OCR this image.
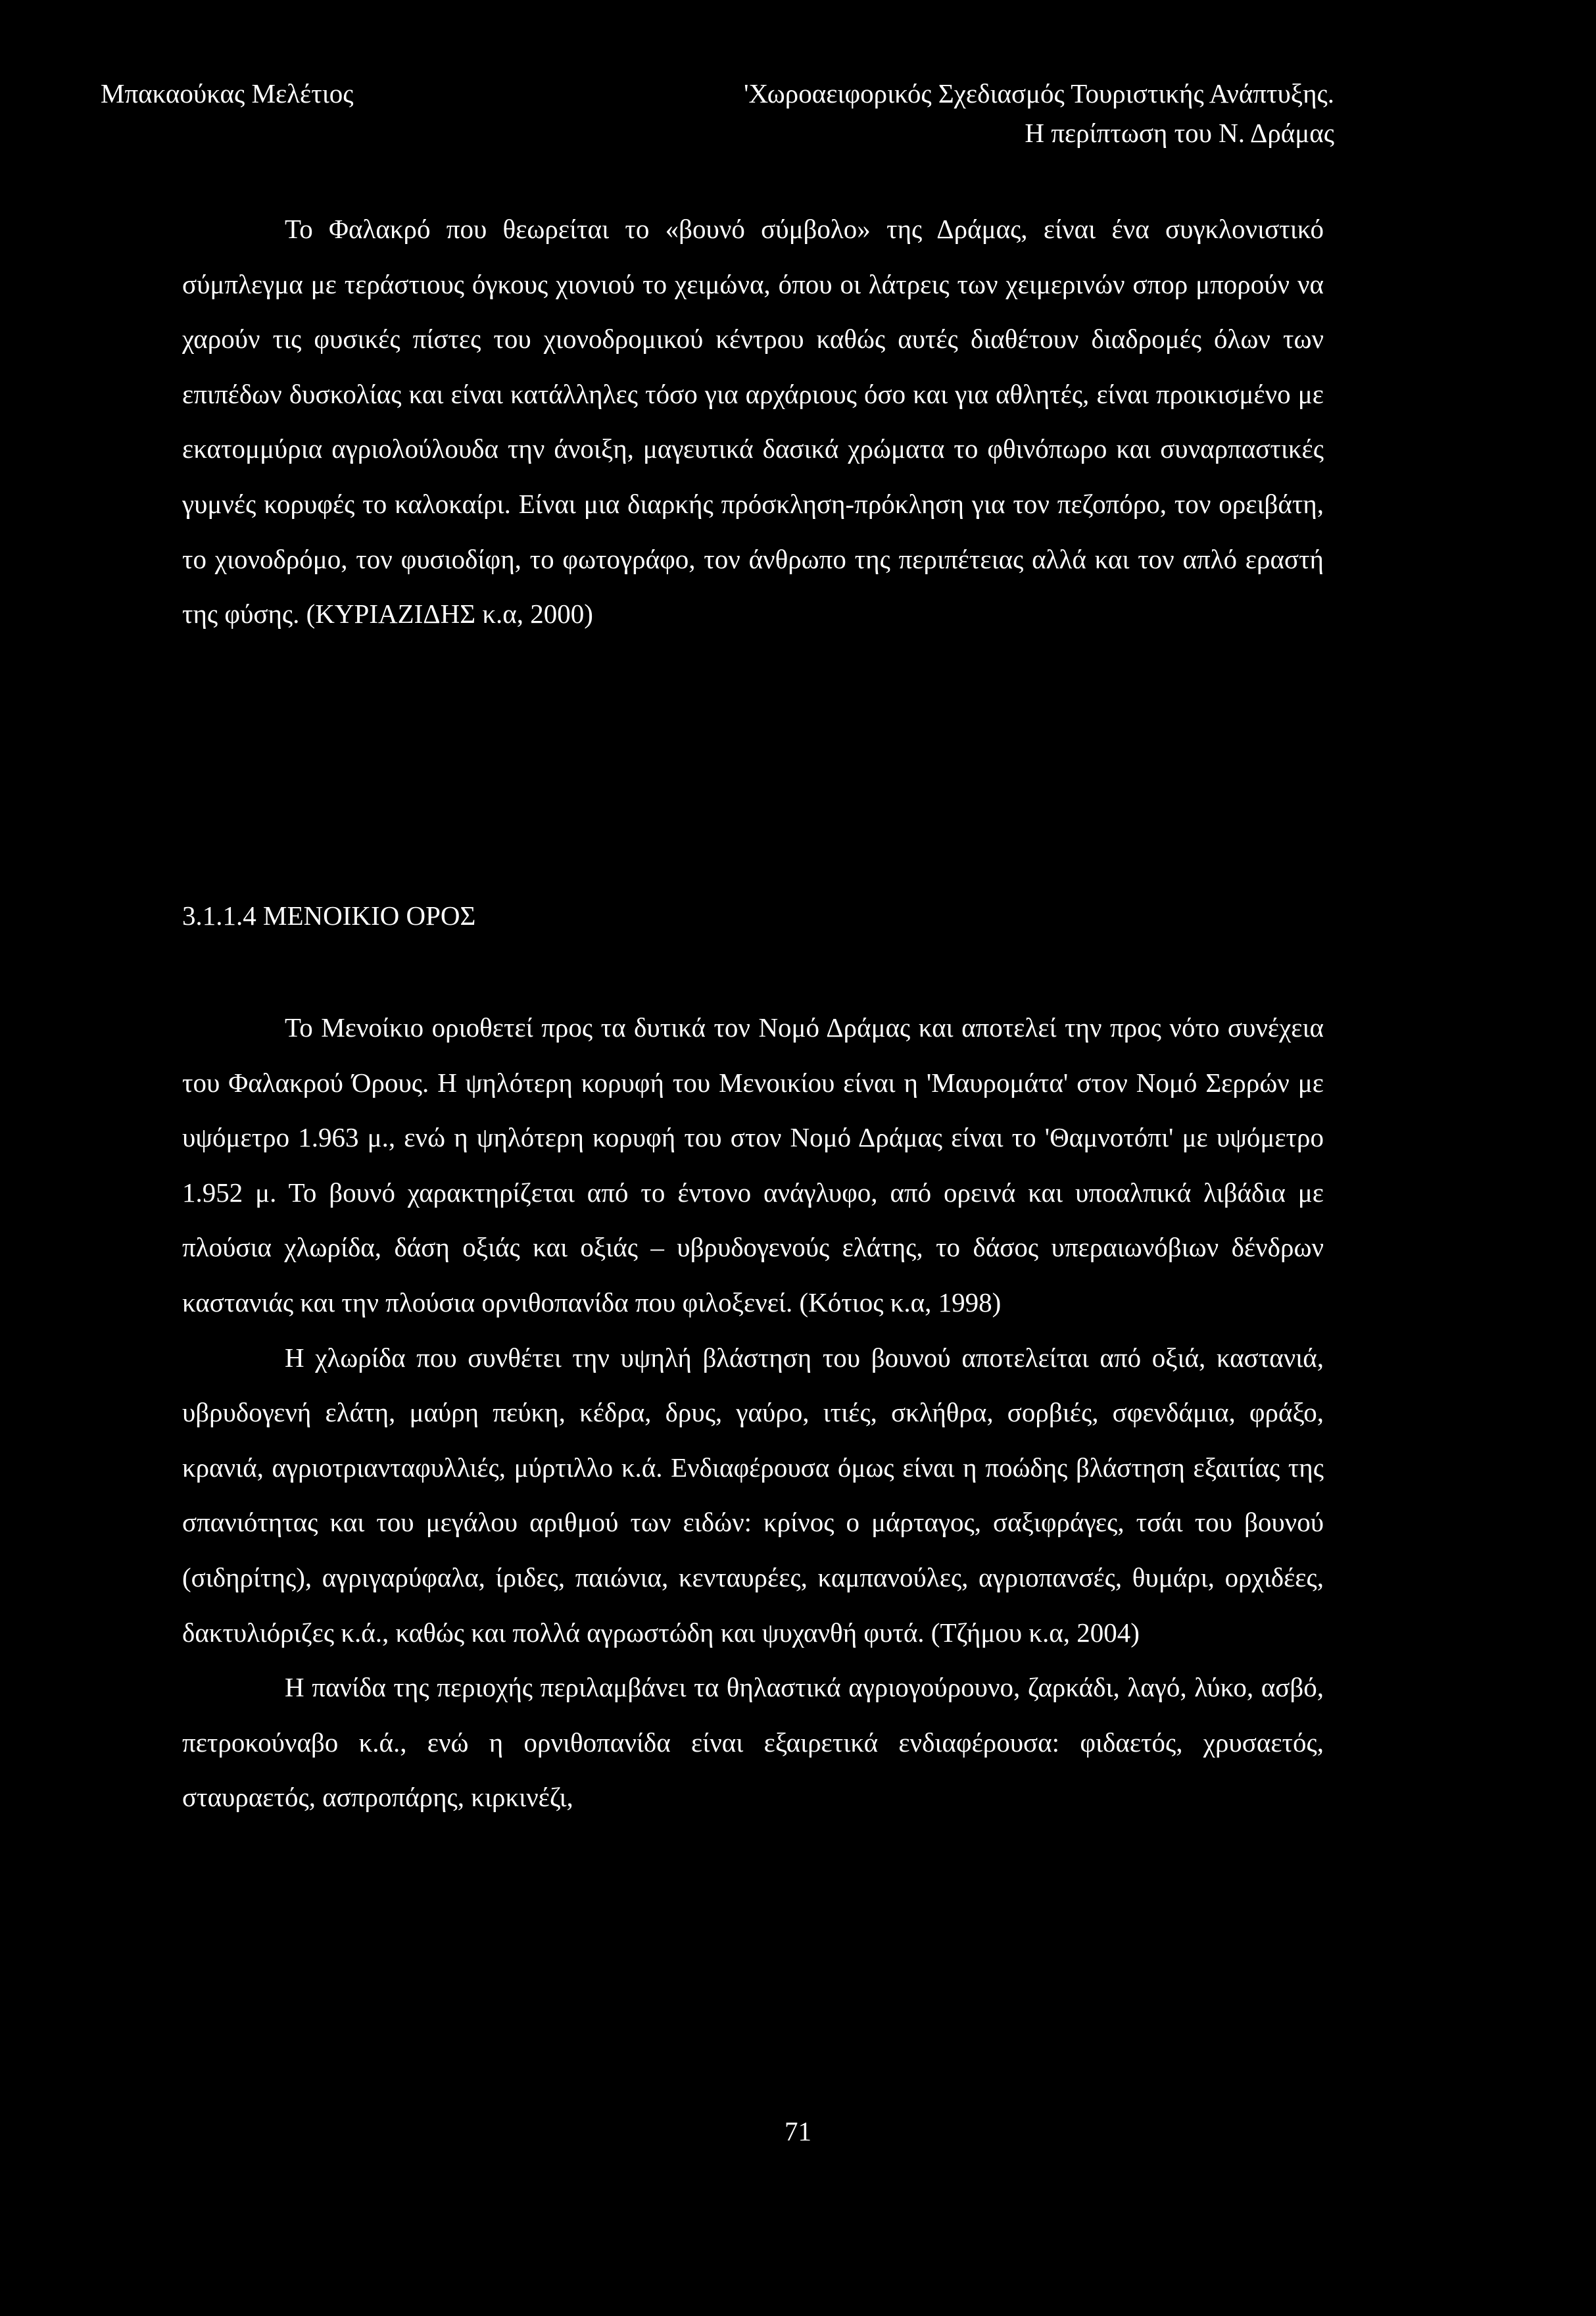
Μπακαούκας Μελέτιος	'Χωροαειφορικός Σχεδιασμός Τουριστικής Ανάπτυξης.
Η περίπτωση του Ν. Δράμας

Το Φαλακρό που θεωρείται το «βουνό σύμβολο» της Δράμας, είναι ένα συγκλονιστικό σύμπλεγμα με τεράστιους όγκους χιονιού το χειμώνα, όπου οι λάτρεις των χειμερινών σπορ μπορούν να χαρούν τις φυσικές πίστες του χιονοδρομικού κέντρου καθώς αυτές διαθέτουν διαδρομές όλων των επιπέδων δυσκολίας και είναι κατάλληλες τόσο για αρχάριους όσο και για αθλητές, είναι προικισμένο με εκατομμύρια αγριολούλουδα την άνοιξη, μαγευτικά δασικά χρώματα το φθινόπωρο και συναρπαστικές γυμνές κορυφές το καλοκαίρι. Είναι μια διαρκής πρόσκληση-πρόκληση για τον πεζοπόρο, τον ορειβάτη, το χιονοδρόμο, τον φυσιοδίφη, το φωτογράφο, τον άνθρωπο της περιπέτειας αλλά και τον απλό εραστή της φύσης. (ΚΥΡΙΑΖΙΔΗΣ κ.α, 2000)

3.1.1.4 ΜΕΝΟΙΚΙΟ ΟΡΟΣ

Το Μενοίκιο οριοθετεί προς τα δυτικά τον Νομό Δράμας και αποτελεί την προς νότο συνέχεια του Φαλακρού Όρους. Η ψηλότερη κορυφή του Μενοικίου είναι η 'Μαυρομάτα' στον Νομό Σερρών με υψόμετρο 1.963 μ., ενώ η ψηλότερη κορυφή του στον Νομό Δράμας είναι το 'Θαμνοτόπι' με υψόμετρο 1.952 μ. Το βουνό χαρακτηρίζεται από το έντονο ανάγλυφο, από ορεινά και υποαλπικά λιβάδια με πλούσια χλωρίδα, δάση οξιάς και οξιάς – υβρυδογενούς ελάτης, το δάσος υπεραιωνόβιων δένδρων καστανιάς και την πλούσια ορνιθοπανίδα που φιλοξενεί. (Κότιος κ.α, 1998)

Η χλωρίδα που συνθέτει την υψηλή βλάστηση του βουνού αποτελείται από οξιά, καστανιά, υβρυδογενή ελάτη, μαύρη πεύκη, κέδρα, δρυς, γαύρο, ιτιές, σκλήθρα, σορβιές, σφενδάμια, φράξο, κρανιά, αγριοτριανταφυλλιές, μύρτιλλο κ.ά. Ενδιαφέρουσα όμως είναι η ποώδης βλάστηση εξαιτίας της σπανιότητας και του μεγάλου αριθμού των ειδών: κρίνος ο μάρταγος, σαξιφράγες, τσάι του βουνού (σιδηρίτης), αγριγαρύφαλα, ίριδες, παιώνια, κενταυρέες, καμπανούλες, αγριοπανσές, θυμάρι, ορχιδέες, δακτυλιόριζες κ.ά., καθώς και πολλά αγρωστώδη και ψυχανθή φυτά. (Τζήμου κ.α, 2004)

Η πανίδα της περιοχής περιλαμβάνει τα θηλαστικά αγριογούρουνο, ζαρκάδι, λαγό, λύκο, ασβό, πετροκούναβο κ.ά., ενώ η ορνιθοπανίδα είναι εξαιρετικά ενδιαφέρουσα: φιδαετός, χρυσαετός, σταυραετός, ασπροπάρης, κιρκινέζι,

71
